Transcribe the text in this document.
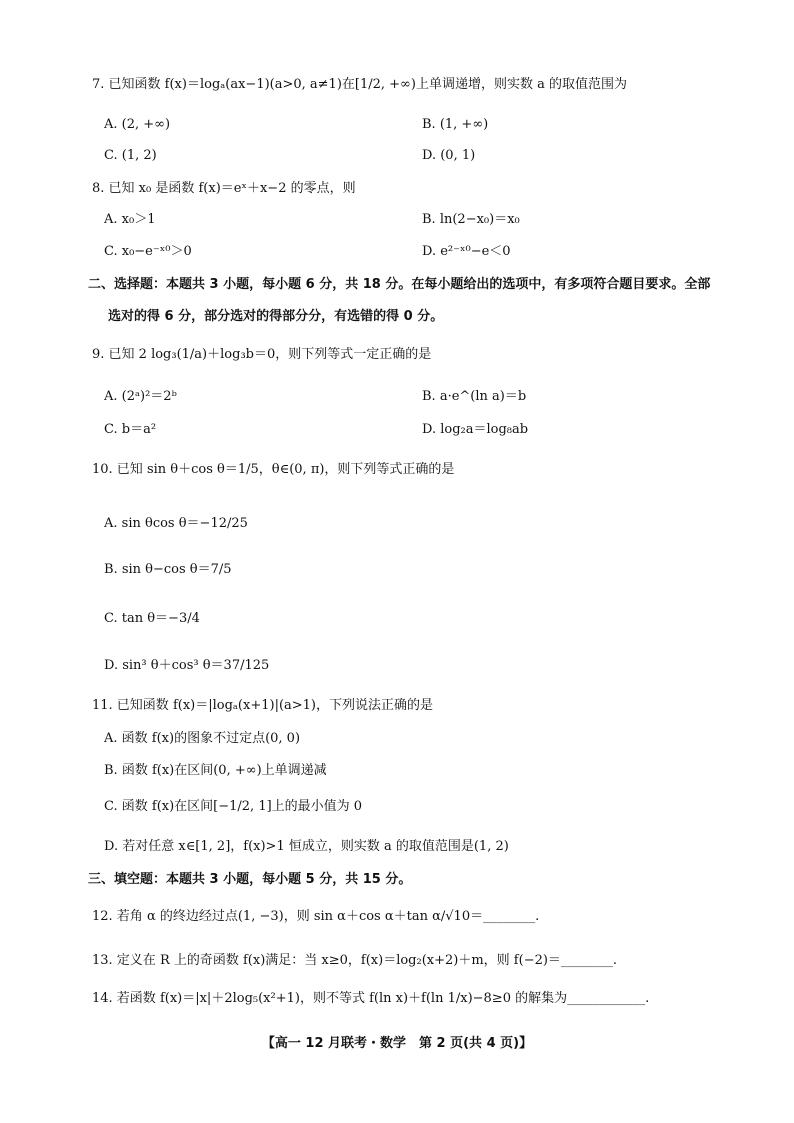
7. 已知函数 f(x)＝logₐ(ax−1)(a>0, a≠1)在[1/2, +∞)上单调递增，则实数 a 的取值范围为
A. (2, +∞)	B. (1, +∞)
C. (1, 2)	D. (0, 1)
8. 已知 x₀ 是函数 f(x)＝eˣ＋x−2 的零点，则
A. x₀＞1	B. ln(2−x₀)＝x₀
C. x₀−e⁻ˣ⁰＞0	D. e²⁻ˣ⁰−e＜0
二、选择题：本题共 3 小题，每小题 6 分，共 18 分。在每小题给出的选项中，有多项符合题目要求。全部
选对的得 6 分，部分选对的得部分分，有选错的得 0 分。
9. 已知 2 log₃(1/a)＋log₃b＝0，则下列等式一定正确的是
A. (2ᵃ)²＝2ᵇ	B. a·e^(ln a)＝b
C. b＝a²	D. log₂a＝log₈ab
10. 已知 sin θ＋cos θ＝1/5，θ∈(0, π)，则下列等式正确的是
A. sin θcos θ＝−12/25
B. sin θ−cos θ＝7/5
C. tan θ＝−3/4
D. sin³ θ＋cos³ θ＝37/125
11. 已知函数 f(x)＝|logₐ(x+1)|(a>1)，下列说法正确的是
A. 函数 f(x)的图象不过定点(0, 0)
B. 函数 f(x)在区间(0, +∞)上单调递减
C. 函数 f(x)在区间[−1/2, 1]上的最小值为 0
D. 若对任意 x∈[1, 2]，f(x)>1 恒成立，则实数 a 的取值范围是(1, 2)
三、填空题：本题共 3 小题，每小题 5 分，共 15 分。
12. 若角 α 的终边经过点(1, −3)，则 sin α＋cos α＋tan α/√10＝________.
13. 定义在 R 上的奇函数 f(x)满足：当 x≥0，f(x)＝log₂(x+2)＋m，则 f(−2)＝________.
14. 若函数 f(x)＝|x|＋2log₅(x²+1)，则不等式 f(ln x)＋f(ln 1/x)−8≥0 的解集为____________.
【高一 12 月联考・数学　第 2 页(共 4 页)】
